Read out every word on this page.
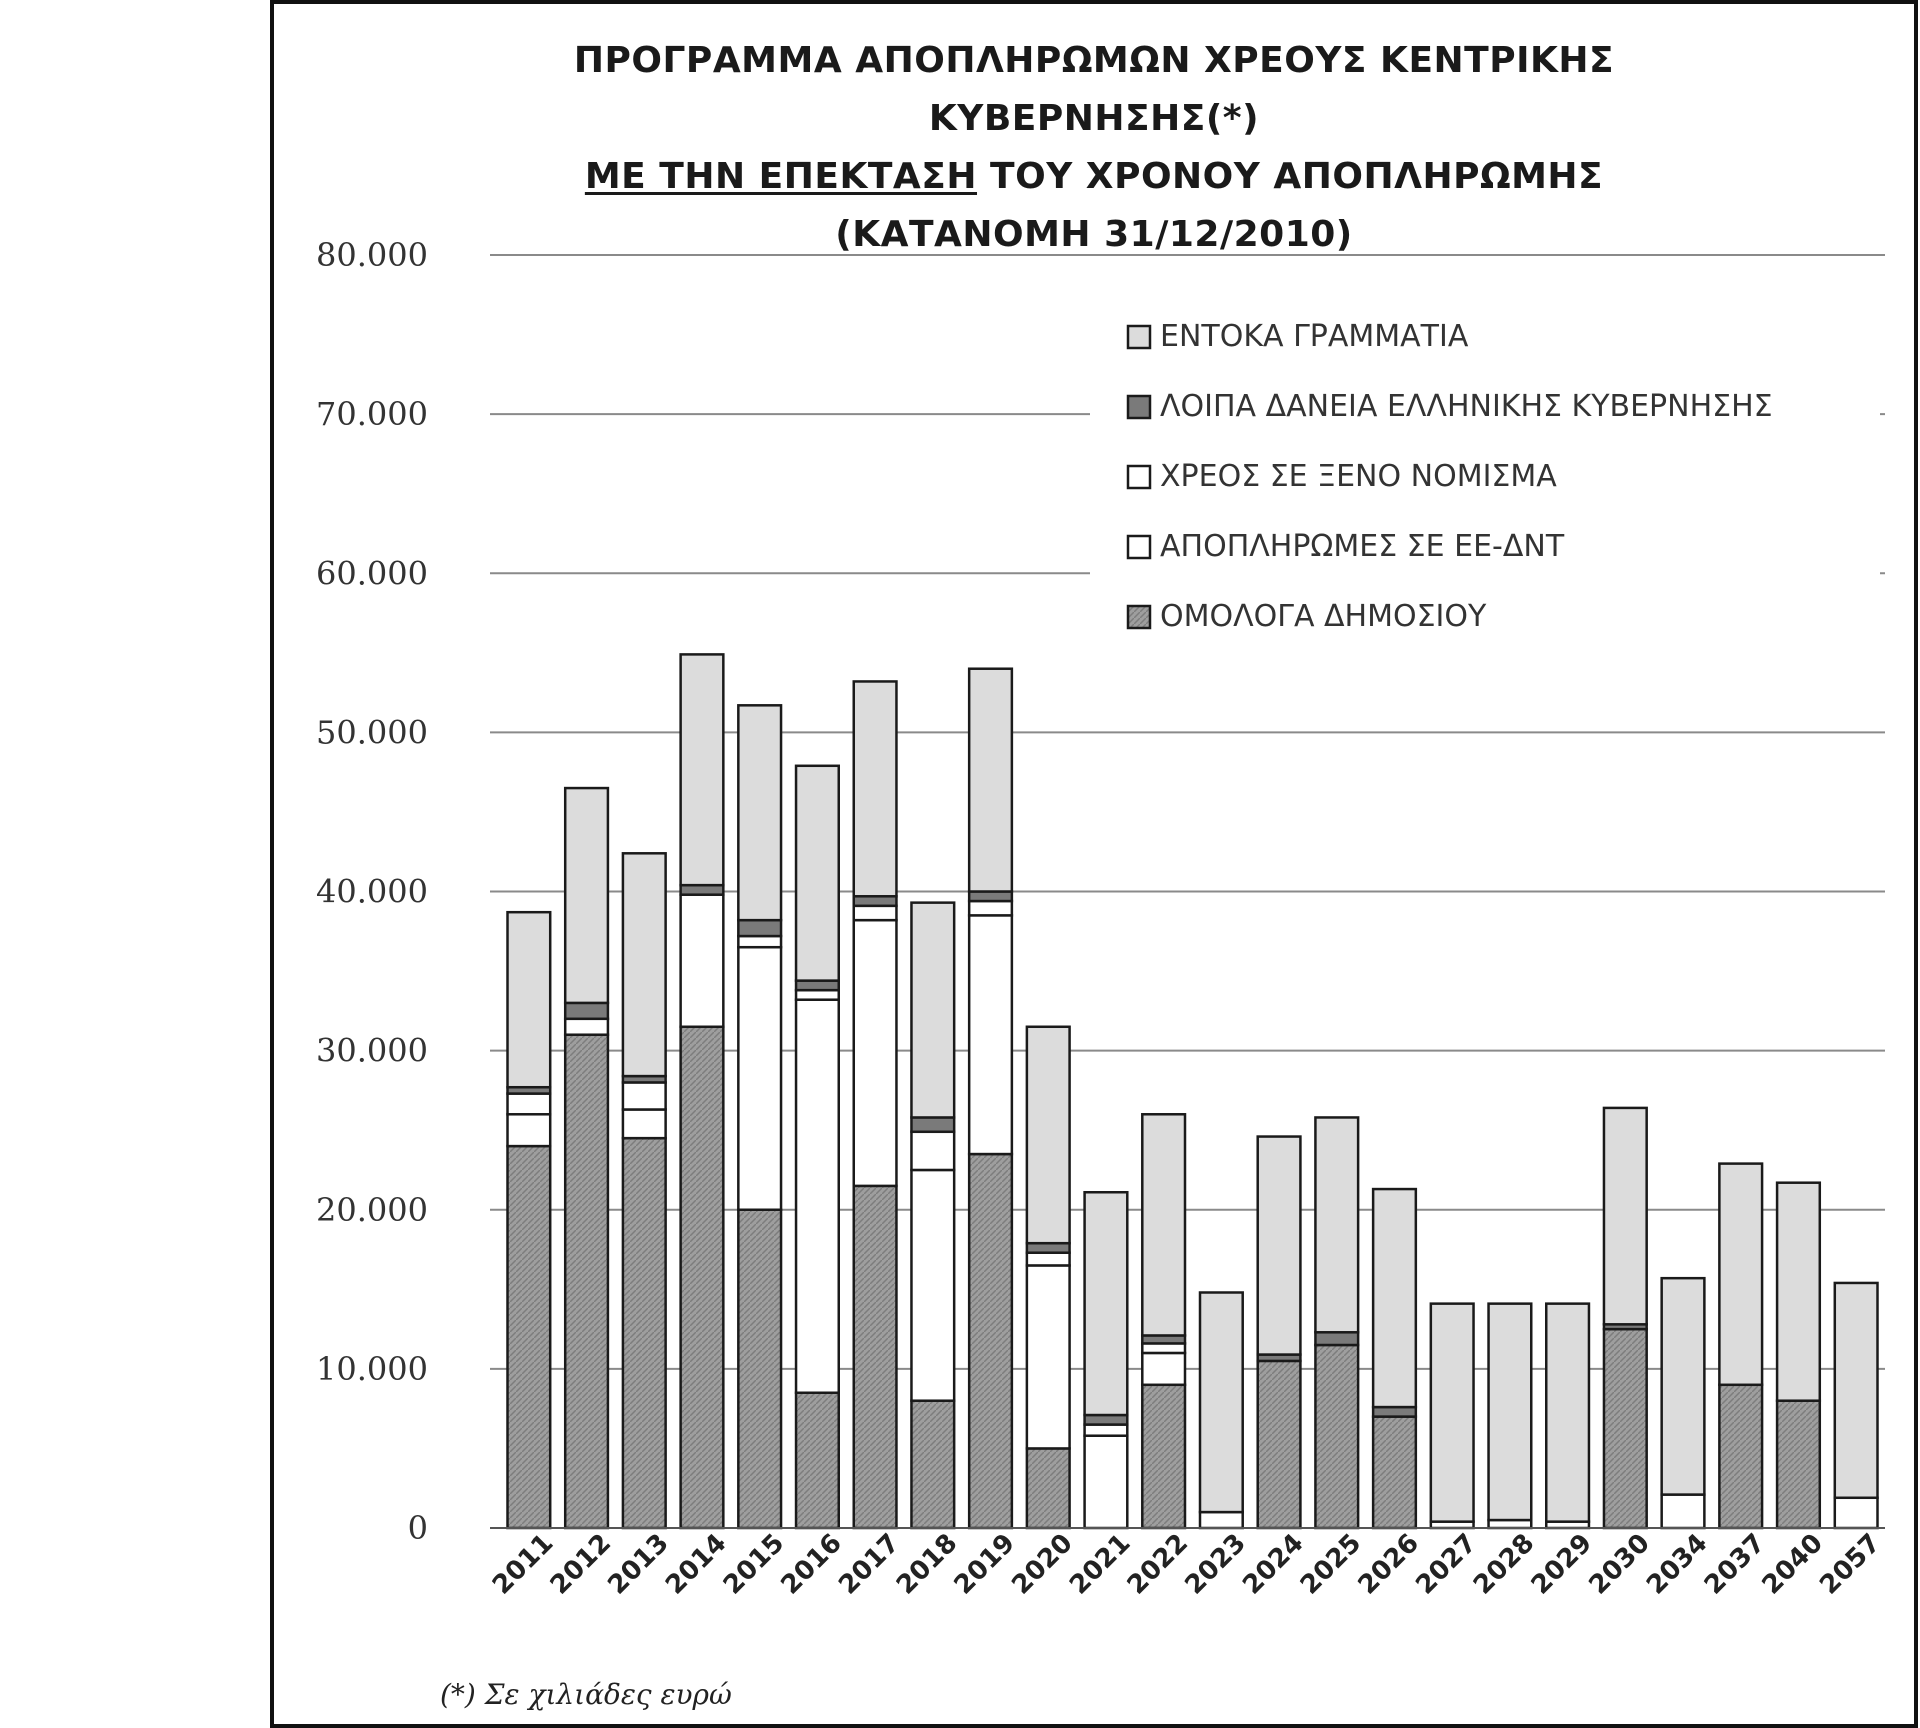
ΠΡΟΓΡΑΜΜΑ ΑΠΟΠΛΗΡΩΜΩΝ ΧΡΕΟΥΣ ΚΕΝΤΡΙΚΗΣ
ΚΥΒΕΡΝΗΣΗΣ(*)
ΜΕ ΤΗΝ ΕΠΕΚΤΑΣΗ ΤΟΥ ΧΡΟΝΟΥ ΑΠΟΠΛΗΡΩΜΗΣ
(ΚΑΤΑΝΟΜΗ 31/12/2010)
0
10.000
20.000
30.000
40.000
50.000
60.000
70.000
80.000
2011
2012
2013
2014
2015
2016
2017
2018
2019
2020
2021
2022
2023
2024
2025
2026
2027
2028
2029
2030
2034
2037
2040
2057
ΕΝΤΟΚΑ ΓΡΑΜΜΑΤΙΑ
ΛΟΙΠΑ ΔΑΝΕΙΑ ΕΛΛΗΝΙΚΗΣ ΚΥΒΕΡΝΗΣΗΣ
ΧΡΕΟΣ ΣΕ ΞΕΝΟ ΝΟΜΙΣΜΑ
ΑΠΟΠΛΗΡΩΜΕΣ ΣΕ ΕΕ-ΔΝΤ
ΟΜΟΛΟΓΑ ΔΗΜΟΣΙΟΥ
(*) Σε χιλιάδες ευρώ
